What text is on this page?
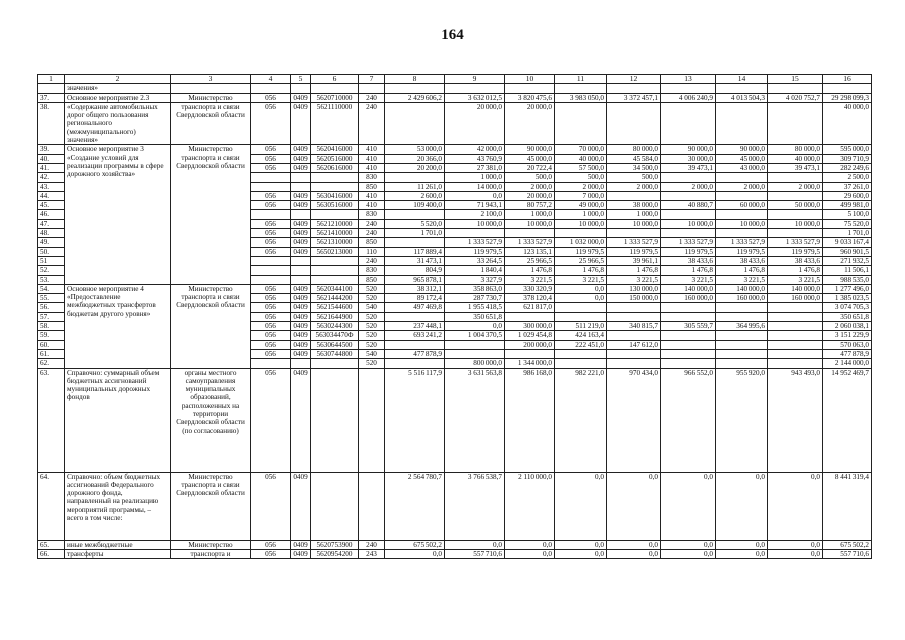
164
1	2	3	4	5	6	7	8	9	10	11	12	13	14	15	16
	значения»														
37.	Основное мероприятие 2.3	Министерство	056	0409	5620710000	240	2 429 606,2	3 632 012,5	3 820 475,6	3 983 050,0	3 372 457,1	4 006 240,9	4 013 504,3	4 020 752,7	29 298 099,3
38.	«Содержание автомобильных дорог общего пользования регионального (межмуниципального) значения»	транспорта и связи Свердловской области	056	0409	5621110000	240		20 000,0	20 000,0						40 000,0
39.	Основное мероприятие 3 «Создание условий для реализации программы в сфере дорожного хозяйства»	Министерство транспорта и связи Свердловской области	056	0409	5620416000	410	53 000,0	42 000,0	90 000,0	70 000,0	80 000,0	90 000,0	90 000,0	80 000,0	595 000,0
40.			056	0409	5620516000	410	20 366,0	43 760,9	45 000,0	40 000,0	45 584,0	30 000,0	45 000,0	40 000,0	309 710,9
41.			056	0409	5620616000	410	20 200,0	27 381,0	20 722,4	57 500,0	34 500,0	39 473,1	43 000,0	39 473,1	282 249,6
42.						830		1 000,0	500,0	500,0	500,0				2 500,0
43.						850	11 261,0	14 000,0	2 000,0	2 000,0	2 000,0	2 000,0	2 000,0	2 000,0	37 261,0
44.			056	0409	5630416000	410	2 600,0	0,0	20 000,0	7 000,0					29 600,0
45.			056	0409	5630516000	410	109 400,0	71 943,1	80 757,2	49 000,0	38 000,0	40 880,7	60 000,0	50 000,0	499 981,0
46.						830		2 100,0	1 000,0	1 000,0	1 000,0				5 100,0
47.			056	0409	5621210000	240	5 520,0	10 000,0	10 000,0	10 000,0	10 000,0	10 000,0	10 000,0	10 000,0	75 520,0
48.			056	0409	5621410000	240	1 701,0								1 701,0
49.			056	0409	5621310000	850		1 333 527,9	1 333 527,9	1 032 000,0	1 333 527,9	1 333 527,9	1 333 527,9	1 333 527,9	9 033 167,4
50.			056	0409	5650213000	110	117 889,4	119 979,5	123 135,1	119 979,5	119 979,5	119 979,5	119 979,5	119 979,5	960 901,5
51						240	31 473,1	33 264,5	25 966,5	25 966,5	39 961,1	38 433,6	38 433,6	38 433,6	271 932,5
52.						830	804,9	1 840,4	1 476,8	1 476,8	1 476,8	1 476,8	1 476,8	1 476,8	11 506,1
53.						850	965 878,1	3 327,9	3 221,5	3 221,5	3 221,5	3 221,5	3 221,5	3 221,5	988 535,0
54.	Основное мероприятие 4 «Предоставление межбюджетных трансфертов бюджетам другого уровня»	Министерство транспорта и связи Свердловской области	056	0409	5620344100	520	38 312,1	358 863,0	330 320,9	0,0	130 000,0	140 000,0	140 000,0	140 000,0	1 277 496,0
55.			056	0409	5621444200	520	89 172,4	287 730,7	378 120,4	0,0	150 000,0	160 000,0	160 000,0	160 000,0	1 385 023,5
56.			056	0409	5621544600	540	497 469,8	1 955 418,5	621 817,0						3 074 705,3
57.			056	0409	5621644900	520		350 651,8							350 651,8
58.			056	0409	5630244300	520	237 448,1	0,0	300 000,0	511 219,0	340 815,7	305 559,7	364 995,6		2 060 038,1
59.			056	0409	563034470Ф	520	693 241,2	1 004 370,5	1 029 454,8	424 163,4					3 151 229,9
60.			056	0409	5630644500	520			200 000,0	222 451,0	147 612,0				570 063,0
61.			056	0409	5630744800	540	477 878,9								477 878,9
62.						520		800 000,0	1 344 000,0						2 144 000,0
63.	Справочно: суммарный объем бюджетных ассигнований муниципальных дорожных фондов	органы местного самоуправления муниципальных образований, расположенных на территории Свердловской области (по согласованию)	056	0409			5 516 117,9	3 631 563,8	986 168,0	982 221,0	970 434,0	966 552,0	955 920,0	943 493,0	14 952 469,7
64.	Справочно: объем бюджетных ассигнований Федерального дорожного фонда, направленный на реализацию мероприятий программы, – всего в том числе:	Министерство транспорта и связи Свердловской области	056	0409			2 564 780,7	3 766 538,7	2 110 000,0	0,0	0,0	0,0	0,0	0,0	8 441 319,4
65.	иные межбюджетные	Министерство	056	0409	5620753900	240	675 502,2	0,0	0,0	0,0	0,0	0,0	0,0	0,0	675 502,2
66.	трансферты	транспорта и	056	0409	5620954200	243	0,0	557 710,6	0,0	0,0	0,0	0,0	0,0	0,0	557 710,6
